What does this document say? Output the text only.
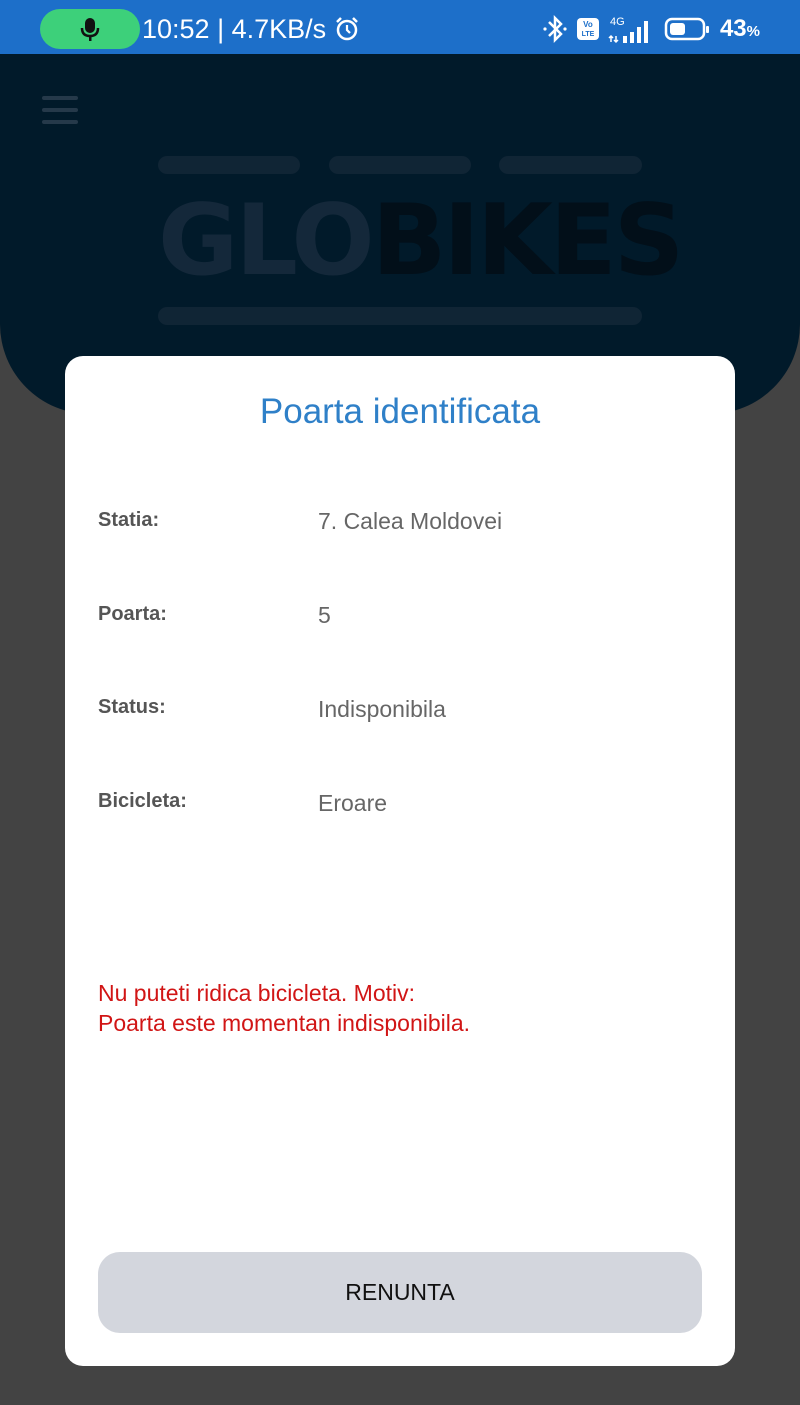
10:52 | 4.7KB/s	Vo
LTE
4G	43%
GLOBIKES
Poarta identificata
Statia:	7. Calea Moldovei
Poarta:	5
Status:	Indisponibila
Bicicleta:	Eroare
Nu puteti ridica bicicleta. Motiv:
Poarta este momentan indisponibila.
RENUNTA
